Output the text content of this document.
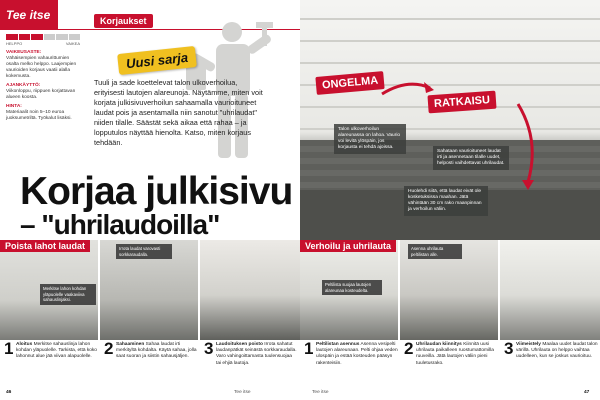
Tee itse	Korjaukset
HELPPO	VAIKEA
VAIKEUSASTE:
Vähäisempien vahaurittumien osalta melko helppo. Laajempien vaurioiden korjaus vaatii alalla kokemusta.
AJANKÄYTTÖ:
Viikonloppu, riippuen korjattavan alueen koosta.
HINTA:
Materiaalit noin 5–10 euroa juoksumetriltä. Työkalut lisäksi.
Uusi sarja
Tuuli ja sade koettelevat talon ulkoverhoilua, erityisesti lautojen alareunoja. Näytämme, miten voit korjata julkisivuverhoilun sahaamalla vaurioituneet laudat pois ja asentamalla niin sanotut "uhrilaudat" niiden tilalle. Säästät sekä aikaa että rahaa – ja lopputulos näyttää hienolta. Katso, miten korjaus tehdään.
Korjaa julkisivu
– "uhrilaudoilla"
ONGELMA
RATKAISU
Talon ulkoverhoilun alareunassa on lahoa. Vaurio voi levitä ylöspäin, jos korjausta ei tehdä ajoissa.
Sahataan vaurioituneet laudat irti ja asennetaan tilalle uudet, helposti vaihdettavat uhrilaudat.
Huolehdi siitä, että laudat eivät ole kosketuksissa maahan. Jätä vähintään 30 cm rako maanpinnan ja verhoilun väliin.
Poista lahot laudat
Merkitse lahon kohdan yläpuolelle vaakaviiva sahauslinjaksi.
Irrota laudat varovasti sorkkaraudalla.
Verhoilu ja uhrilauta
Peltilista suojaa lautojen alareunaa kosteudelta.
Asenna uhrilauta peltilistan alle.
1 Aloitus Merkitse sahauslinja lahon kohdan yläpuolelle. Tarkista, että koko lahonnut alue jää viivan alapuolelle. 2 Sahaaminen Sahaa laudat irti merkityltä kohdalta. Käytä sahaa, jolla saat suoran ja siistin sahausjäljen. 3 Laudoituksen poisto Irrota sahatut laudanpätkät seinästä sorkkaraudalla. Varo vahingoittamasta tuulensuojaa tai ehjiä lautoja.
1 Peltilistan asennus Asenna vesipelti lautojen alareunaan. Pelti ohjaa veden ulospäin ja estää kosteuden pääsyn rakenteisiin.
2 Uhrilaudan kiinnitys Kiinnitä uusi uhrilauta paikalleen ruostumattomilla ruuveilla. Jätä lautojen väliin pieni tuuletusrako.
3 Viimeistely Maalaa uudet laudat talon värillä. Uhrilauta on helppo vaihtaa uudelleen, kun se joskus vaurioituu.
46	Tee itse	Tee itse	47
